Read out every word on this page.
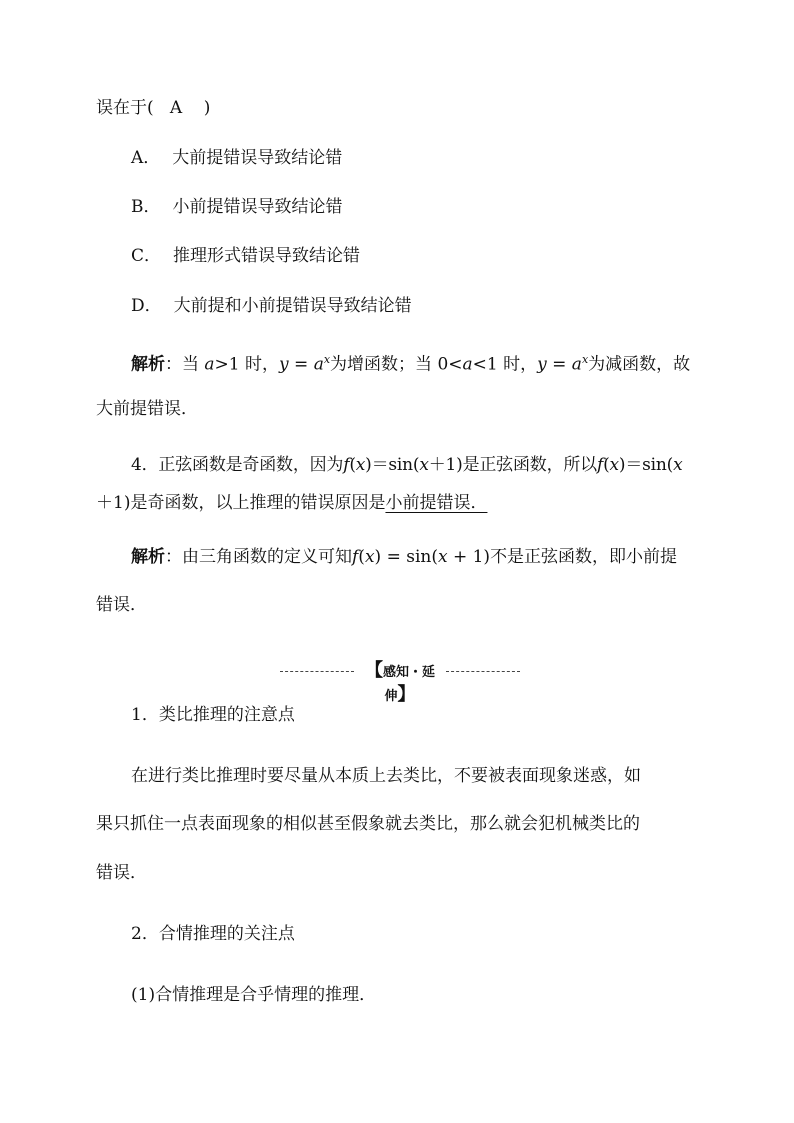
误在于( A )
A． 大前提错误导致结论错
B． 小前提错误导致结论错
C． 推理形式错误导致结论错
D． 大前提和小前提错误导致结论错
解析：当 a>1 时，$y = a^x$为增函数；当 0<a<1 时，$y = a^x$为减函数，故
大前提错误．
4．正弦函数是奇函数，因为f(x)＝sin(x＋1)是正弦函数，所以f(x)＝sin(x
＋1)是奇函数，以上推理的错误原因是小前提错误．
解析：由三角函数的定义可知f(x) = sin(x + 1)不是正弦函数，即小前提
错误．
【感知・延伸】
1．类比推理的注意点
在进行类比推理时要尽量从本质上去类比，不要被表面现象迷惑，如
果只抓住一点表面现象的相似甚至假象就去类比，那么就会犯机械类比的
错误．
2．合情推理的关注点
(1)合情推理是合乎情理的推理．
